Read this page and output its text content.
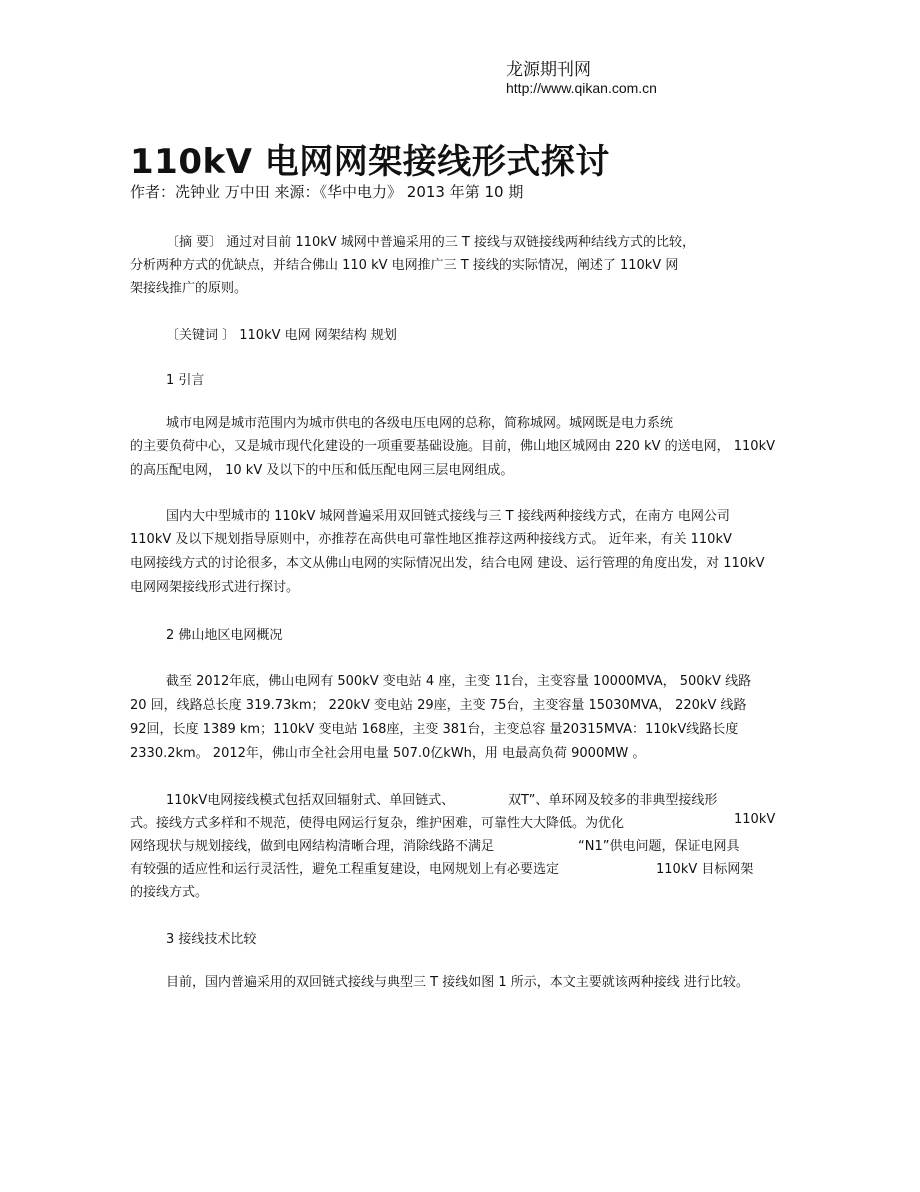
龙源期刊网
http://www.qikan.com.cn
110kV 电网网架接线形式探讨
作者：冼钟业 万中田 来源：《华中电力》 2013 年第 10 期
〔摘 要〕 通过对目前 110kV 城网中普遍采用的三 T 接线与双链接线两种结线方式的比较，
分析两种方式的优缺点，并结合佛山 110 kV 电网推广三 T 接线的实际情况，阐述了 110kV 网
架接线推广的原则。
〔关键词 〕 110kV 电网 网架结构 规划
1 引言
城市电网是城市范围内为城市供电的各级电压电网的总称，简称城网。城网既是电力系统
的主要负荷中心，又是城市现代化建设的一项重要基础设施。目前，佛山地区城网由 220 kV 的送电网， 110kV
的高压配电网， 10 kV 及以下的中压和低压配电网三层电网组成。
国内大中型城市的 110kV 城网普遍采用双回链式接线与三 T 接线两种接线方式，在南方 电网公司
110kV 及以下规划指导原则中，亦推荐在高供电可靠性地区推荐这两种接线方式。 近年来，有关 110kV
电网接线方式的讨论很多，本文从佛山电网的实际情况出发，结合电网 建设、运行管理的角度出发，对 110kV
电网网架接线形式进行探讨。
2 佛山地区电网概况
截至 2012年底，佛山电网有 500kV 变电站 4 座，主变 11台，主变容量 10000MVA， 500kV 线路
20 回，线路总长度 319.73km； 220kV 变电站 29座，主变 75台，主变容量 15030MVA， 220kV 线路
92回，长度 1389 km；110kV 变电站 168座，主变 381台，主变总容 量20315MVA：110kV线路长度
2330.2km。 2012年，佛山市全社会用电量 507.0亿kWh，用 电最高负荷 9000MW 。
110kV电网接线模式包括双回辐射式、单回链式、	双T”、单环网及较多的非典型接线形
式。接线方式多样和不规范，使得电网运行复杂，维护困难，可靠性大大降低。为优化	110kV
网络现状与规划接线，做到电网结构清晰合理，消除线路不满足	“N1”供电问题，保证电网具
有较强的适应性和运行灵活性，避免工程重复建设，电网规划上有必要选定	110kV 目标网架
的接线方式。
3 接线技术比较
目前，国内普遍采用的双回链式接线与典型三 T 接线如图 1 所示，本文主要就该两种接线 进行比较。
